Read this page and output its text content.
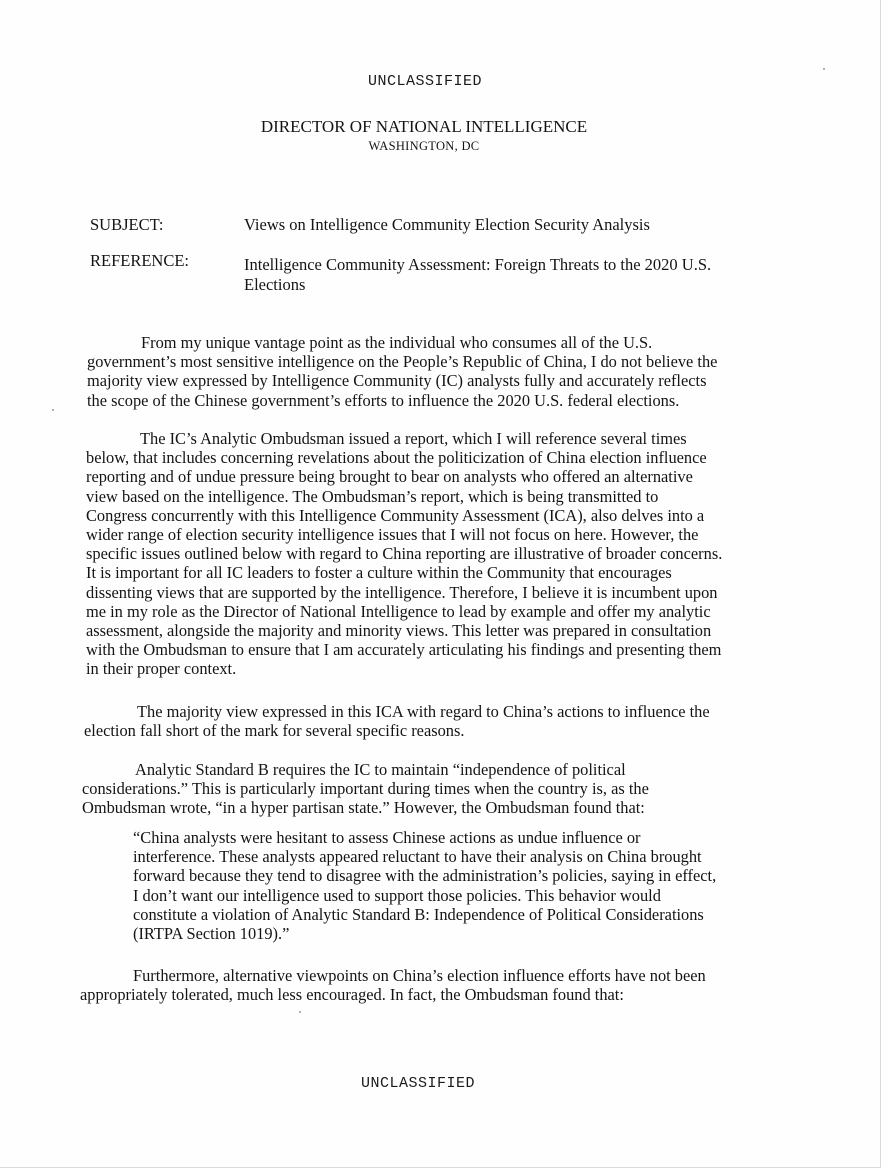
UNCLASSIFIED
DIRECTOR OF NATIONAL INTELLIGENCE
WASHINGTON, DC
SUBJECT:	Views on Intelligence Community Election Security Analysis
REFERENCE:	Intelligence Community Assessment: Foreign Threats to the 2020 U.S.
Elections
From my unique vantage point as the individual who consumes all of the U.S.
government’s most sensitive intelligence on the People’s Republic of China, I do not believe the
majority view expressed by Intelligence Community (IC) analysts fully and accurately reflects
the scope of the Chinese government’s efforts to influence the 2020 U.S. federal elections.
The IC’s Analytic Ombudsman issued a report, which I will reference several times
below, that includes concerning revelations about the politicization of China election influence
reporting and of undue pressure being brought to bear on analysts who offered an alternative
view based on the intelligence. The Ombudsman’s report, which is being transmitted to
Congress concurrently with this Intelligence Community Assessment (ICA), also delves into a
wider range of election security intelligence issues that I will not focus on here. However, the
specific issues outlined below with regard to China reporting are illustrative of broader concerns.
It is important for all IC leaders to foster a culture within the Community that encourages
dissenting views that are supported by the intelligence. Therefore, I believe it is incumbent upon
me in my role as the Director of National Intelligence to lead by example and offer my analytic
assessment, alongside the majority and minority views. This letter was prepared in consultation
with the Ombudsman to ensure that I am accurately articulating his findings and presenting them
in their proper context.
The majority view expressed in this ICA with regard to China’s actions to influence the
election fall short of the mark for several specific reasons.
Analytic Standard B requires the IC to maintain “independence of political
considerations.” This is particularly important during times when the country is, as the
Ombudsman wrote, “in a hyper partisan state.” However, the Ombudsman found that:
“China analysts were hesitant to assess Chinese actions as undue influence or
interference. These analysts appeared reluctant to have their analysis on China brought
forward because they tend to disagree with the administration’s policies, saying in effect,
I don’t want our intelligence used to support those policies. This behavior would
constitute a violation of Analytic Standard B: Independence of Political Considerations
(IRTPA Section 1019).”
Furthermore, alternative viewpoints on China’s election influence efforts have not been
appropriately tolerated, much less encouraged. In fact, the Ombudsman found that:
UNCLASSIFIED
